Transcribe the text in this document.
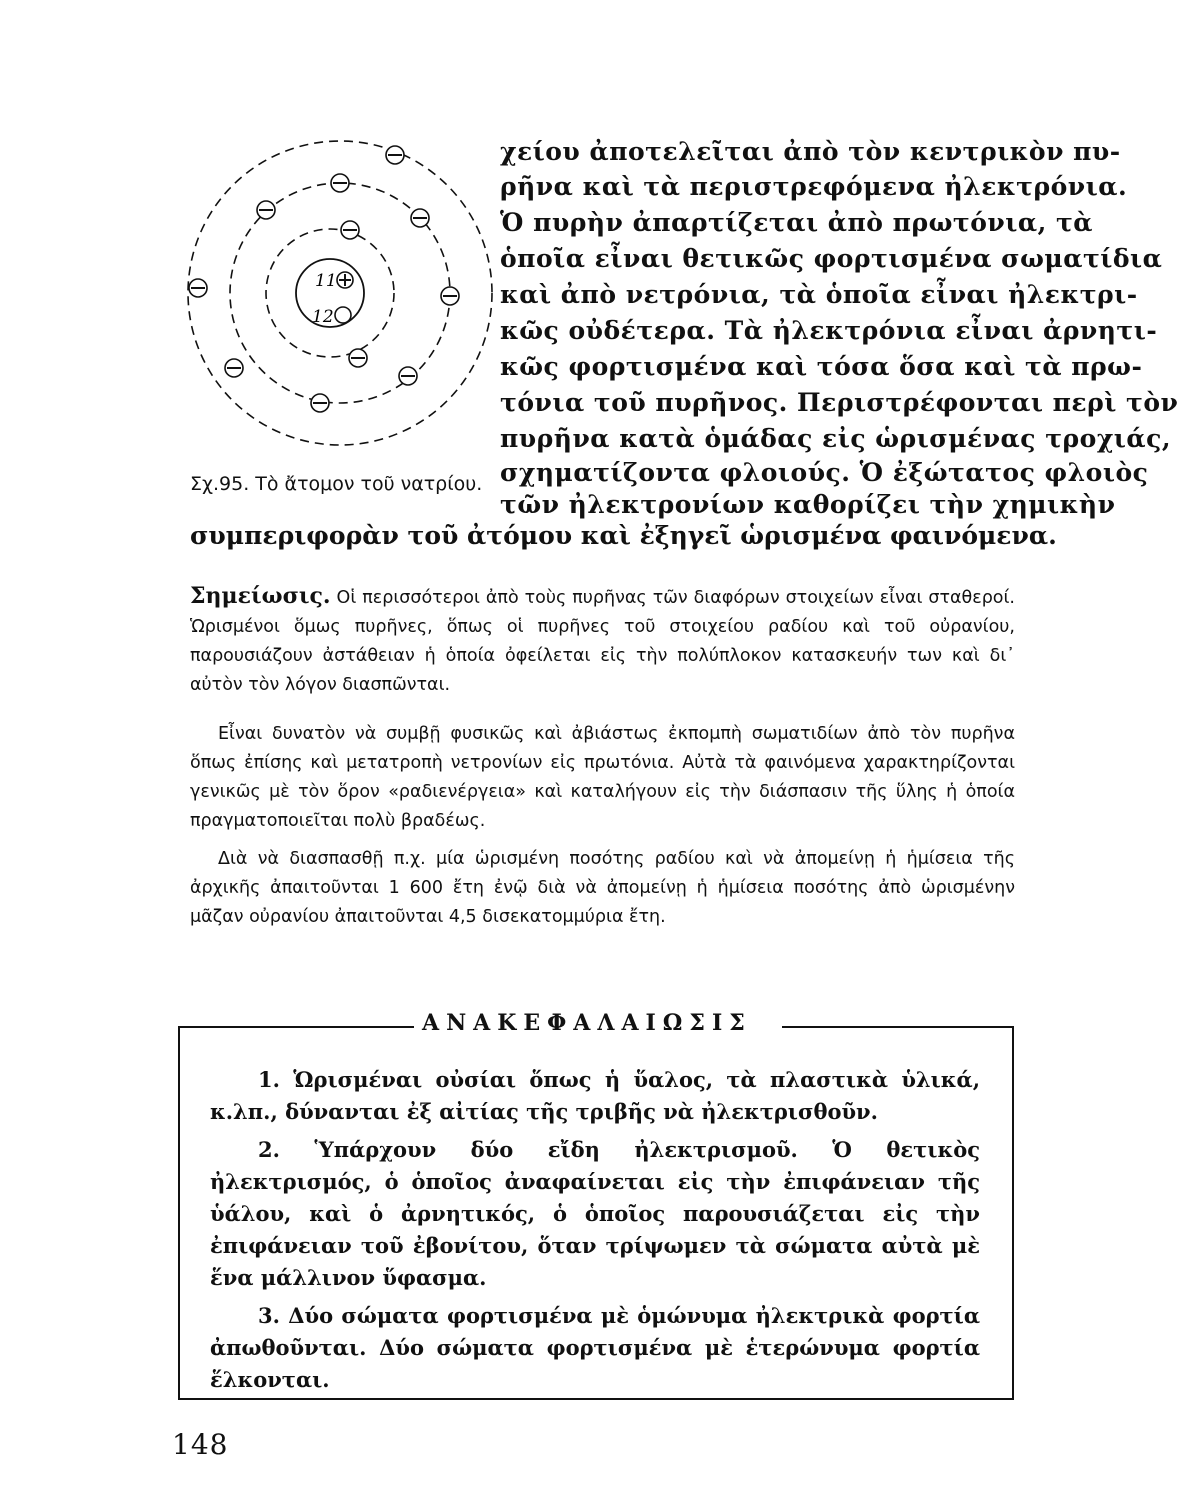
11
12
χείου ἀποτελεῖται ἀπὸ τὸν κεντρικὸν πυ-
ρῆνα καὶ τὰ περιστρεφόμενα ἠλεκτρόνια.
Ὁ πυρὴν ἀπαρτίζεται ἀπὸ πρωτόνια, τὰ
ὁποῖα εἶναι θετικῶς φορτισμένα σωματίδια
καὶ ἀπὸ νετρόνια, τὰ ὁποῖα εἶναι ἠλεκτρι-
κῶς οὐδέτερα. Τὰ ἠλεκτρόνια εἶναι ἀρνητι-
κῶς φορτισμένα καὶ τόσα ὅσα καὶ τὰ πρω-
τόνια τοῦ πυρῆνος. Περιστρέφονται περὶ τὸν
πυρῆνα κατὰ ὁμάδας εἰς ὡρισμένας τροχιάς,
σχηματίζοντα φλοιούς. Ὁ ἐξώτατος φλοιὸς
τῶν ἠλεκτρονίων καθορίζει τὴν χημικὴν
Σχ.95. Τὸ ἄτομον τοῦ νατρίου.
συμπεριφορὰν τοῦ ἀτόμου καὶ ἐξηγεῖ ὡρισμένα φαινόμενα.

Σημείωσις. Οἱ περισσότεροι ἀπὸ τοὺς πυρῆνας τῶν διαφόρων στοιχείων εἶναι σταθεροί. Ὡρισμένοι ὅμως πυρῆνες, ὅπως οἱ πυρῆνες τοῦ στοιχείου ραδίου καὶ τοῦ οὐρανίου, παρουσιάζουν ἀστάθειαν ἡ ὁποία ὀφείλεται εἰς τὴν πολύπλοκον κατασκευήν των καὶ δι᾽ αὐτὸν τὸν λόγον διασπῶνται.

Εἶναι δυνατὸν νὰ συμβῇ φυσικῶς καὶ ἀβιάστως ἐκπομπὴ σωματιδίων ἀπὸ τὸν πυρῆνα ὅπως ἐπίσης καὶ μετατροπὴ νετρονίων εἰς πρωτόνια. Αὐτὰ τὰ φαινόμενα χαρακτηρίζονται γενικῶς μὲ τὸν ὅρον «ραδιενέργεια» καὶ καταλήγουν εἰς τὴν διάσπασιν τῆς ὕλης ἡ ὁποία πραγματοποιεῖται πολὺ βραδέως.

Διὰ νὰ διασπασθῇ π.χ. μία ὡρισμένη ποσότης ραδίου καὶ νὰ ἀπομείνῃ ἡ ἡμίσεια τῆς ἀρχικῆς ἀπαιτοῦνται 1 600 ἔτη ἐνῷ διὰ νὰ ἀπομείνῃ ἡ ἡμίσεια ποσότης ἀπὸ ὡρισμένην μᾶζαν οὐρανίου ἀπαιτοῦνται 4,5 δισεκατομμύρια ἔτη.

ΑΝΑΚΕΦΑΛΑΙΩΣΙΣ

1. Ὡρισμέναι οὐσίαι ὅπως ἡ ὕαλος, τὰ πλαστικὰ ὑλικά, κ.λπ., δύνανται ἐξ αἰτίας τῆς τριβῆς νὰ ἠλεκτρισθοῦν.

2. Ὑπάρχουν δύο εἴδη ἠλεκτρισμοῦ. Ὁ θετικὸς ἠλεκτρισμός, ὁ ὁποῖος ἀναφαίνεται εἰς τὴν ἐπιφάνειαν τῆς ὑάλου, καὶ ὁ ἀρνητικός, ὁ ὁποῖος παρουσιάζεται εἰς τὴν ἐπιφάνειαν τοῦ ἐβονίτου, ὅταν τρίψωμεν τὰ σώματα αὐτὰ μὲ ἕνα μάλλινον ὕφασμα.

3. Δύο σώματα φορτισμένα μὲ ὁμώνυμα ἠλεκτρικὰ φορτία ἀπωθοῦνται. Δύο σώματα φορτισμένα μὲ ἑτερώνυμα φορτία ἕλκονται.

148
